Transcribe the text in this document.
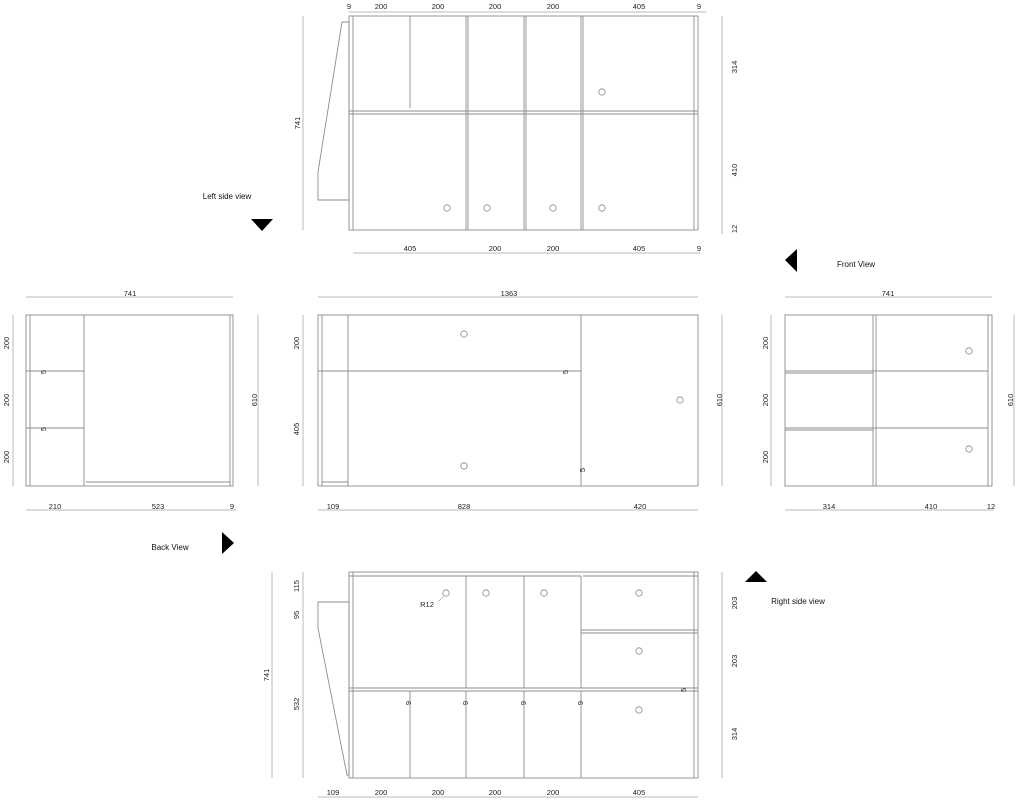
9	200	200	200	200	405	9
741
314
410
12
405	200	200	405	9
Left side view
Front View
741
200
200
200
5
5
610
210	523	9
Back View
1363
200
405
5
5
610
109	828	420
741
200
200
200
610
314	410	12
Right side view
R12
741
115
95
532
203
203
314
9	9	9	9
5
109	200	200	200	200	405
